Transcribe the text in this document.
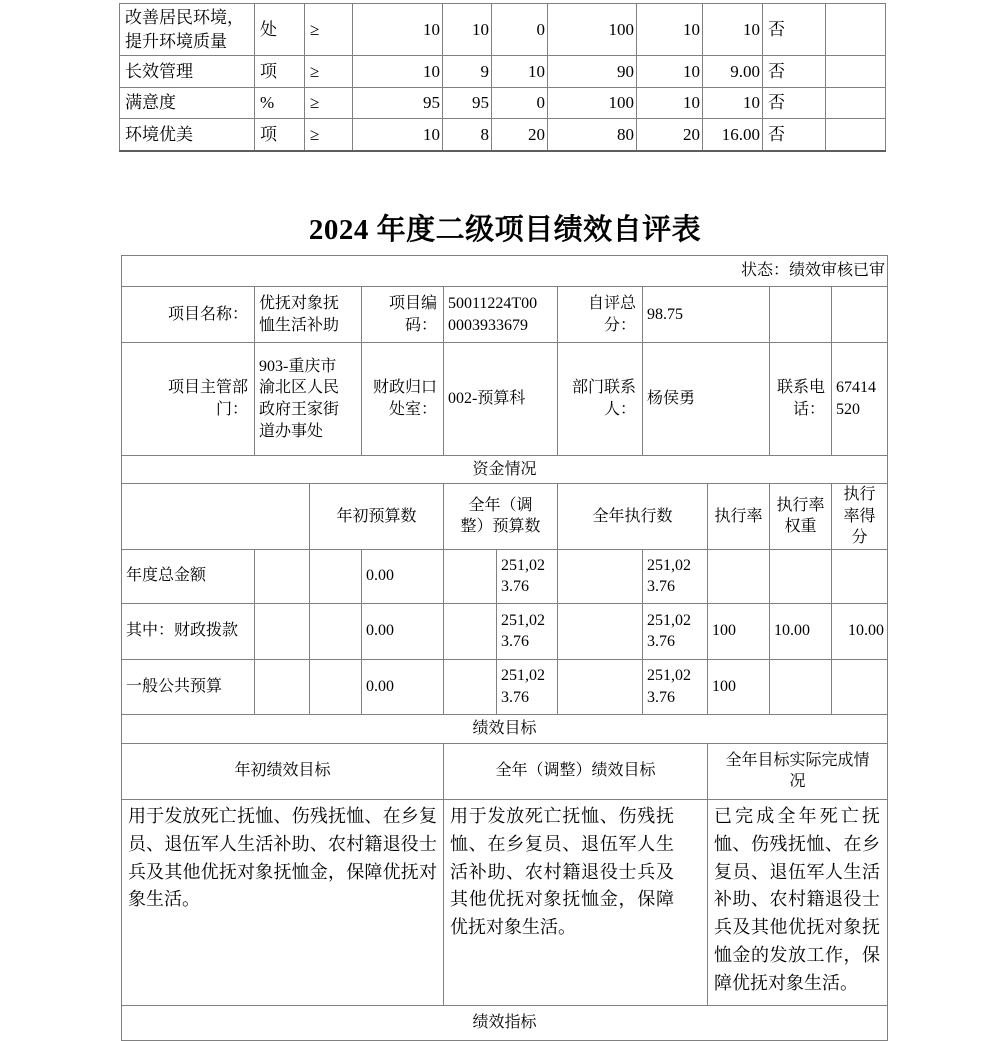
改善居民环境，提升环境质量	处	≥	10	10	0	100	10	10	否	
长效管理	项	≥	10	9	10	90	10	9.00	否	
满意度	%	≥	95	95	0	100	10	10	否	
环境优美	项	≥	10	8	20	80	20	16.00	否	
2024 年度二级项目绩效自评表
状态：绩效审核已审										
项目名称：	优抚对象抚恤生活补助		项目编码：	50011224T000003933679		自评总分：	98.75			
项目主管部门：	903-重庆市渝北区人民政府王家街道办事处		财政归口处室：	002-预算科		部门联系人：	杨侯勇		联系电话：	67414520
资金情况										
		年初预算数		全年（调整）预算数		全年执行数		执行率	执行率权重	执行率得分
年度总金额			0.00		251,023.76		251,023.76			
其中：财政拨款			0.00		251,023.76		251,023.76	100	10.00	10.00
一般公共预算			0.00		251,023.76		251,023.76	100		
绩效目标										
年初绩效目标				全年（调整）绩效目标				全年目标实际完成情况		
用于发放死亡抚恤、伤残抚恤、在乡复员、退伍军人生活补助、农村籍退役士兵及其他优抚对象抚恤金，保障优抚对象生活。				用于发放死亡抚恤、伤残抚恤、在乡复员、退伍军人生活补助、农村籍退役士兵及其他优抚对象抚恤金，保障优抚对象生活。				已完成全年死亡抚恤、伤残抚恤、在乡复员、退伍军人生活补助、农村籍退役士兵及其他优抚对象抚恤金的发放工作，保障优抚对象生活。		
绩效指标										
